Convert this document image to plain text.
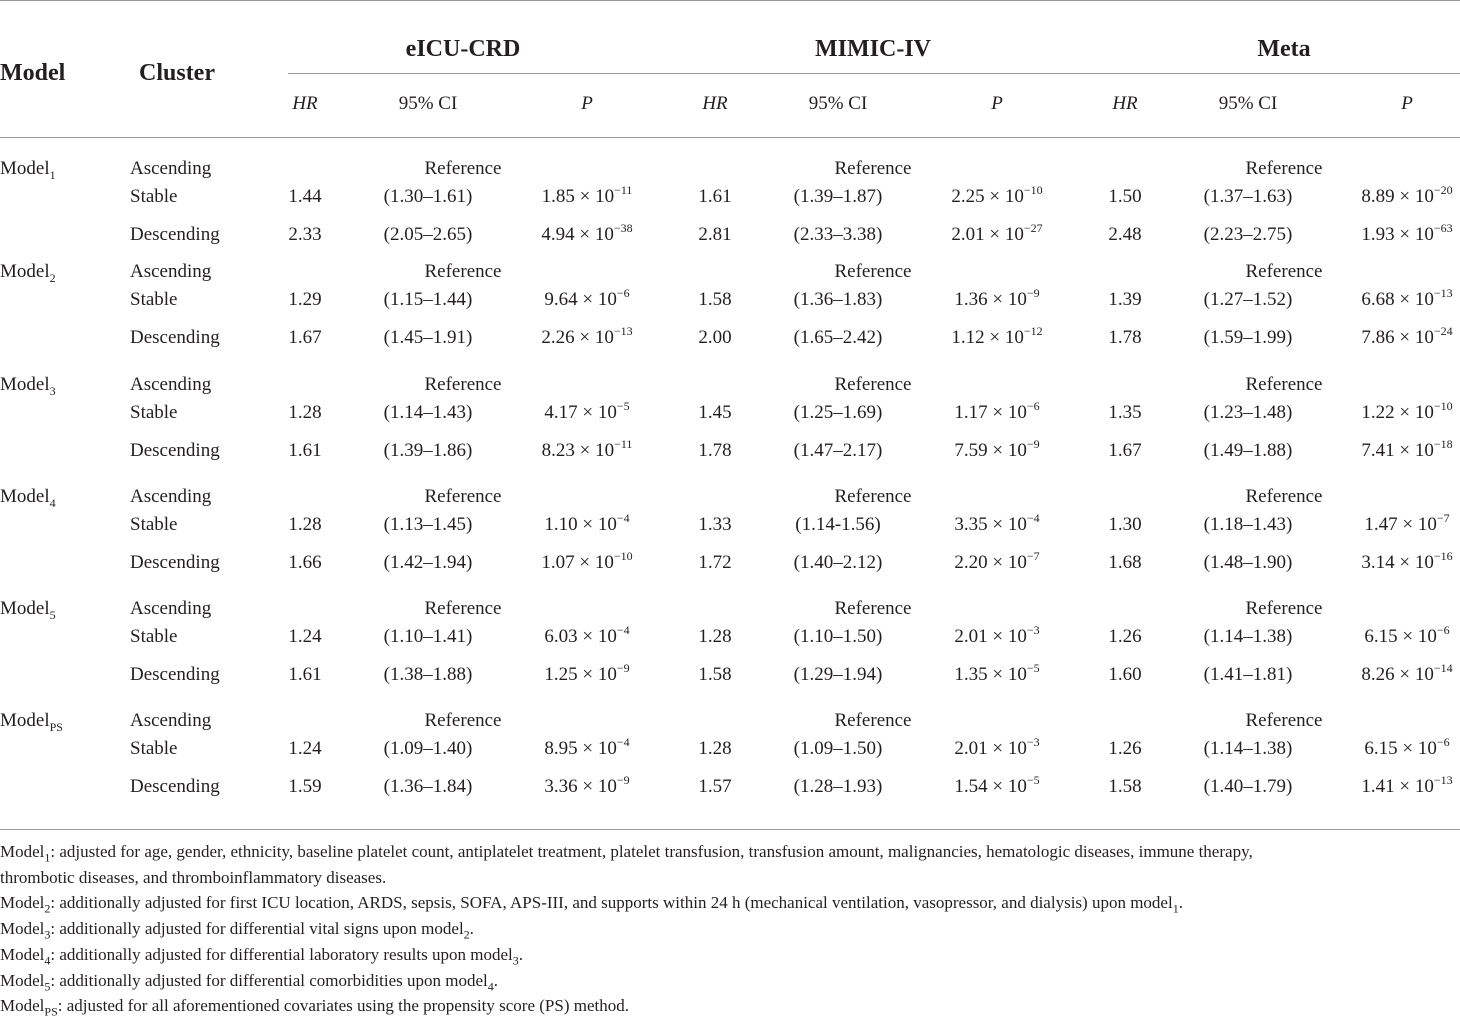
Model	Cluster
eICU-CRD	MIMIC-IV	Meta
HR	95% CI	P	HR	95% CI	P	HR	95% CI	P
Model$_1$	Ascending	Reference	Reference	Reference
Stable	1.44	(1.30–1.61)	$1.85 \times 10^{-11}$	1.61	(1.39–1.87)	$2.25 \times 10^{-10}$	1.50	(1.37–1.63)	$8.89 \times 10^{-20}$
Descending	2.33	(2.05–2.65)	$4.94 \times 10^{-38}$	2.81	(2.33–3.38)	$2.01 \times 10^{-27}$	2.48	(2.23–2.75)	$1.93 \times 10^{-63}$
Model$_2$	Ascending	Reference	Reference	Reference
Stable	1.29	(1.15–1.44)	$9.64 \times 10^{-6}$	1.58	(1.36–1.83)	$1.36 \times 10^{-9}$	1.39	(1.27–1.52)	$6.68 \times 10^{-13}$
Descending	1.67	(1.45–1.91)	$2.26 \times 10^{-13}$	2.00	(1.65–2.42)	$1.12 \times 10^{-12}$	1.78	(1.59–1.99)	$7.86 \times 10^{-24}$
Model$_3$	Ascending	Reference	Reference	Reference
Stable	1.28	(1.14–1.43)	$4.17 \times 10^{-5}$	1.45	(1.25–1.69)	$1.17 \times 10^{-6}$	1.35	(1.23–1.48)	$1.22 \times 10^{-10}$
Descending	1.61	(1.39–1.86)	$8.23 \times 10^{-11}$	1.78	(1.47–2.17)	$7.59 \times 10^{-9}$	1.67	(1.49–1.88)	$7.41 \times 10^{-18}$
Model$_4$	Ascending	Reference	Reference	Reference
Stable	1.28	(1.13–1.45)	$1.10 \times 10^{-4}$	1.33	(1.14-1.56)	$3.35 \times 10^{-4}$	1.30	(1.18–1.43)	$1.47 \times 10^{-7}$
Descending	1.66	(1.42–1.94)	$1.07 \times 10^{-10}$	1.72	(1.40–2.12)	$2.20 \times 10^{-7}$	1.68	(1.48–1.90)	$3.14 \times 10^{-16}$
Model$_5$	Ascending	Reference	Reference	Reference
Stable	1.24	(1.10–1.41)	$6.03 \times 10^{-4}$	1.28	(1.10–1.50)	$2.01 \times 10^{-3}$	1.26	(1.14–1.38)	$6.15 \times 10^{-6}$
Descending	1.61	(1.38–1.88)	$1.25 \times 10^{-9}$	1.58	(1.29–1.94)	$1.35 \times 10^{-5}$	1.60	(1.41–1.81)	$8.26 \times 10^{-14}$
Model$_{PS}$	Ascending	Reference	Reference	Reference
Stable	1.24	(1.09–1.40)	$8.95 \times 10^{-4}$	1.28	(1.09–1.50)	$2.01 \times 10^{-3}$	1.26	(1.14–1.38)	$6.15 \times 10^{-6}$
Descending	1.59	(1.36–1.84)	$3.36 \times 10^{-9}$	1.57	(1.28–1.93)	$1.54 \times 10^{-5}$	1.58	(1.40–1.79)	$1.41 \times 10^{-13}$
Model$_1$: adjusted for age, gender, ethnicity, baseline platelet count, antiplatelet treatment, platelet transfusion, transfusion amount, malignancies, hematologic diseases, immune therapy,
thrombotic diseases, and thromboinflammatory diseases.
Model$_2$: additionally adjusted for first ICU location, ARDS, sepsis, SOFA, APS-III, and supports within 24 h (mechanical ventilation, vasopressor, and dialysis) upon model$_1$.
Model$_3$: additionally adjusted for differential vital signs upon model$_2$.
Model$_4$: additionally adjusted for differential laboratory results upon model$_3$.
Model$_5$: additionally adjusted for differential comorbidities upon model$_4$.
Model$_{PS}$: adjusted for all aforementioned covariates using the propensity score (PS) method.
